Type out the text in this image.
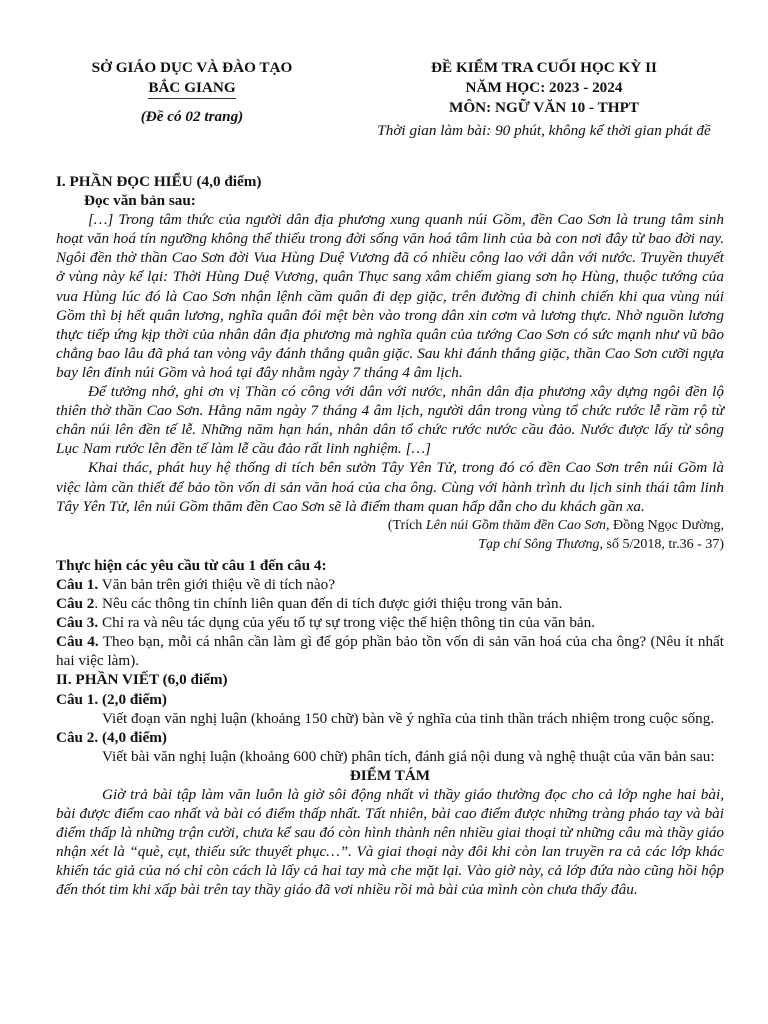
SỞ GIÁO DỤC VÀ ĐÀO TẠO
BẮC GIANG
(Đề có 02 trang)
ĐỀ KIỂM TRA CUỐI HỌC KỲ II
NĂM HỌC: 2023 - 2024
MÔN: NGỮ VĂN 10 - THPT
Thời gian làm bài: 90 phút, không kể thời gian phát đề
I. PHẦN ĐỌC HIỂU (4,0 điểm)
Đọc văn bản sau:

[…] Trong tâm thức của người dân địa phương xung quanh núi Gồm, đền Cao Sơn là trung tâm sinh hoạt văn hoá tín ngưỡng không thể thiếu trong đời sống văn hoá tâm linh của bà con nơi đây từ bao đời nay. Ngôi đền thờ thần Cao Sơn đời Vua Hùng Duệ Vương đã có nhiều công lao với dân với nước. Truyền thuyết ở vùng này kể lại: Thời Hùng Duệ Vương, quân Thục sang xâm chiếm giang sơn họ Hùng, thuộc tướng của vua Hùng lúc đó là Cao Sơn nhận lệnh cầm quân đi dẹp giặc, trên đường đi chinh chiến khi qua vùng núi Gồm thì bị hết quân lương, nghĩa quân đói mệt bèn vào trong dân xin cơm và lương thực. Nhờ nguồn lương thực tiếp ứng kịp thời của nhân dân địa phương mà nghĩa quân của tướng Cao Sơn có sức mạnh như vũ bão chẳng bao lâu đã phá tan vòng vây đánh thắng quân giặc. Sau khi đánh thắng giặc, thần Cao Sơn cưỡi ngựa bay lên đỉnh núi Gồm và hoá tại đây nhằm ngày 7 tháng 4 âm lịch.

Để tưởng nhớ, ghi ơn vị Thần có công với dân với nước, nhân dân địa phương xây dựng ngôi đền lộ thiên thờ thần Cao Sơn. Hằng năm ngày 7 tháng 4 âm lịch, người dân trong vùng tổ chức rước lễ rầm rộ từ chân núi lên đền tế lễ. Những năm hạn hán, nhân dân tổ chức rước nước cầu đảo. Nước được lấy từ sông Lục Nam rước lên đền tế làm lễ cầu đảo rất linh nghiệm. […]

Khai thác, phát huy hệ thống di tích bên sườn Tây Yên Tử, trong đó có đền Cao Sơn trên núi Gồm là việc làm cần thiết để bảo tồn vốn di sản văn hoá của cha ông. Cùng với hành trình du lịch sinh thái tâm linh Tây Yên Tử, lên núi Gồm thăm đền Cao Sơn sẽ là điểm tham quan hấp dẫn cho du khách gần xa.

(Trích Lên núi Gồm thăm đền Cao Sơn, Đồng Ngọc Dường,
Tạp chí Sông Thương, số 5/2018, tr.36 - 37)
Thực hiện các yêu cầu từ câu 1 đến câu 4:

Câu 1. Văn bản trên giới thiệu về di tích nào?

Câu 2. Nêu các thông tin chính liên quan đến di tích được giới thiệu trong văn bản.

Câu 3. Chỉ ra và nêu tác dụng của yếu tố tự sự trong việc thể hiện thông tin của văn bản.

Câu 4. Theo bạn, mỗi cá nhân cần làm gì để góp phần bảo tồn vốn di sản văn hoá của cha ông? (Nêu ít nhất hai việc làm).

II. PHẦN VIẾT (6,0 điểm)
Câu 1. (2,0 điểm)

Viết đoạn văn nghị luận (khoảng 150 chữ) bàn về ý nghĩa của tinh thần trách nhiệm trong cuộc sống.

Câu 2. (4,0 điểm)

Viết bài văn nghị luận (khoảng 600 chữ) phân tích, đánh giá nội dung và nghệ thuật của văn bản sau:

ĐIỂM TÁM

Giờ trả bài tập làm văn luôn là giờ sôi động nhất vì thầy giáo thường đọc cho cả lớp nghe hai bài, bài được điểm cao nhất và bài có điểm thấp nhất. Tất nhiên, bài cao điểm được những tràng pháo tay và bài điểm thấp là những trận cười, chưa kể sau đó còn hình thành nên nhiều giai thoại từ những câu mà thầy giáo nhận xét là “què, cụt, thiếu sức thuyết phục…”. Và giai thoại này đôi khi còn lan truyền ra cả các lớp khác khiến tác giả của nó chỉ còn cách là lấy cả hai tay mà che mặt lại. Vào giờ này, cả lớp đứa nào cũng hồi hộp đến thót tim khi xấp bài trên tay thầy giáo đã vơi nhiều rồi mà bài của mình còn chưa thấy đâu.
